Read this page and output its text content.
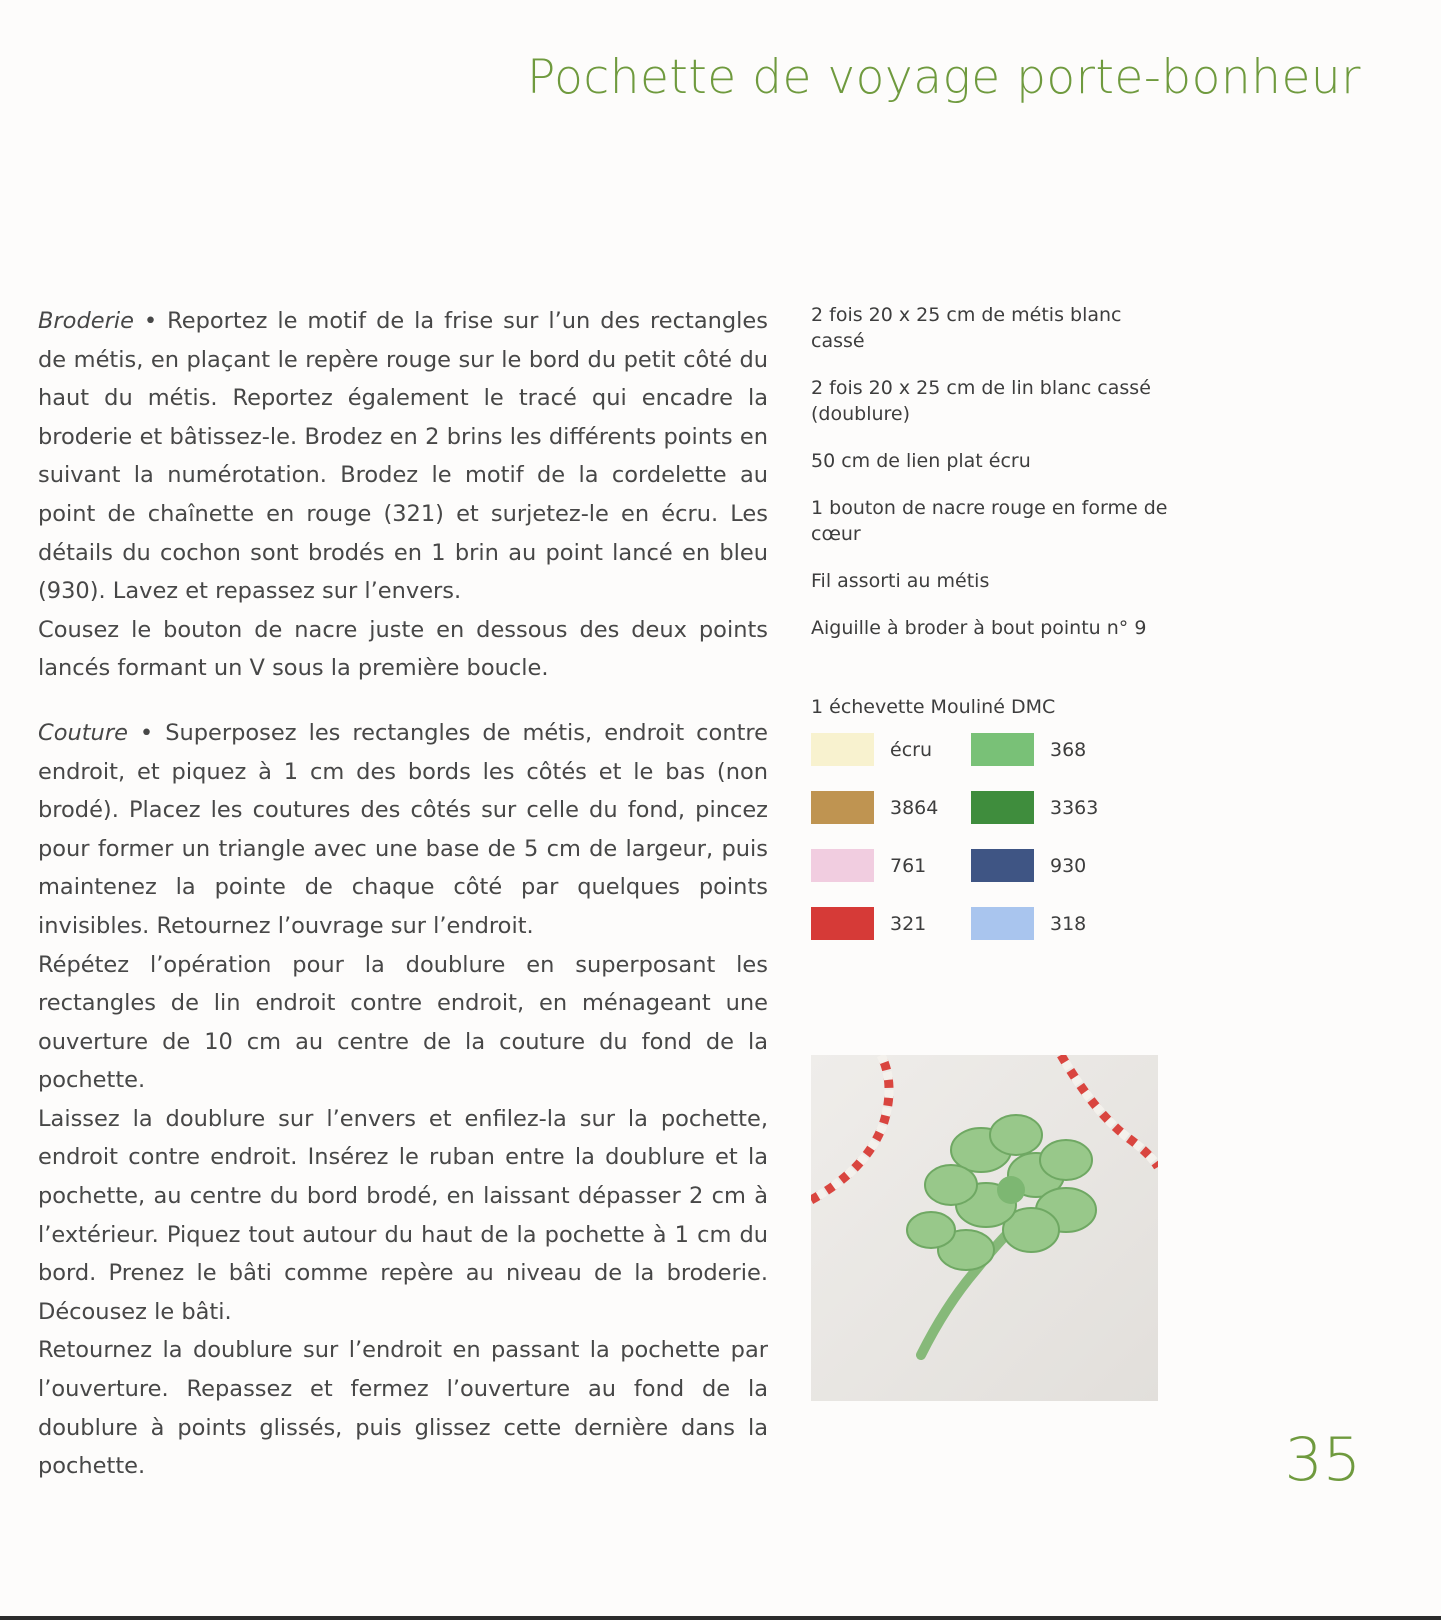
Pochette de voyage porte-bonheur

Broderie • Reportez le motif de la frise sur l’un des rectangles de métis, en plaçant le repère rouge sur le bord du petit côté du haut du métis. Reportez également le tracé qui encadre la broderie et bâtissez-le. Brodez en 2 brins les différents points en suivant la numérotation. Brodez le motif de la cordelette au point de chaînette en rouge (321) et surjetez-le en écru. Les détails du cochon sont brodés en 1 brin au point lancé en bleu (930). Lavez et repassez sur l’envers.

Cousez le bouton de nacre juste en dessous des deux points lancés formant un V sous la première boucle.

Couture • Superposez les rectangles de métis, endroit contre endroit, et piquez à 1 cm des bords les côtés et le bas (non brodé). Placez les coutures des côtés sur celle du fond, pincez pour former un triangle avec une base de 5 cm de largeur, puis maintenez la pointe de chaque côté par quelques points invisibles. Retournez l’ouvrage sur l’endroit.

Répétez l’opération pour la doublure en superposant les rectangles de lin endroit contre endroit, en ménageant une ouverture de 10 cm au centre de la couture du fond de la pochette.

Laissez la doublure sur l’envers et enfilez-la sur la pochette, endroit contre endroit. Insérez le ruban entre la doublure et la pochette, au centre du bord brodé, en laissant dépasser 2 cm à l’extérieur. Piquez tout autour du haut de la pochette à 1 cm du bord. Prenez le bâti comme repère au niveau de la broderie. Décousez le bâti.

Retournez la doublure sur l’endroit en passant la pochette par l’ouverture. Repassez et fermez l’ouverture au fond de la doublure à points glissés, puis glissez cette dernière dans la pochette.

2 fois 20 x 25 cm de métis blanc cassé

2 fois 20 x 25 cm de lin blanc cassé (doublure)

50 cm de lien plat écru

1 bouton de nacre rouge en forme de cœur

Fil assorti au métis

Aiguille à broder à bout pointu n° 9

1 échevette Mouliné DMC
écru	368
3864	3363
761	930
321	318
35
